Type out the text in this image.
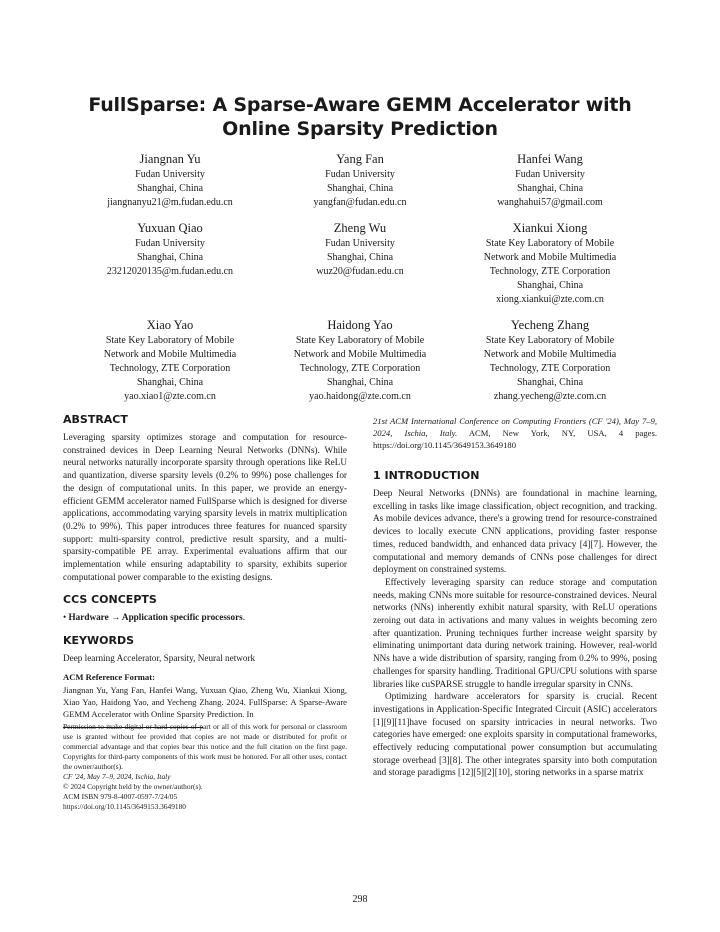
FullSparse: A Sparse-Aware GEMM Accelerator with Online Sparsity Prediction
Jiangnan Yu
Fudan University
Shanghai, China
jiangnanyu21@m.fudan.edu.cn
Yang Fan
Fudan University
Shanghai, China
yangfan@fudan.edu.cn
Hanfei Wang
Fudan University
Shanghai, China
wanghahui57@gmail.com
Yuxuan Qiao
Fudan University
Shanghai, China
23212020135@m.fudan.edu.cn
Zheng Wu
Fudan University
Shanghai, China
wuz20@fudan.edu.cn
Xiankui Xiong
State Key Laboratory of Mobile
Network and Mobile Multimedia
Technology, ZTE Corporation
Shanghai, China
xiong.xiankui@zte.com.cn
Xiao Yao
State Key Laboratory of Mobile
Network and Mobile Multimedia
Technology, ZTE Corporation
Shanghai, China
yao.xiao1@zte.com.cn
Haidong Yao
State Key Laboratory of Mobile
Network and Mobile Multimedia
Technology, ZTE Corporation
Shanghai, China
yao.haidong@zte.com.cn
Yecheng Zhang
State Key Laboratory of Mobile
Network and Mobile Multimedia
Technology, ZTE Corporation
Shanghai, China
zhang.yecheng@zte.com.cn
ABSTRACT

Leveraging sparsity optimizes storage and computation for resource-constrained devices in Deep Learning Neural Networks (DNNs). While neural networks naturally incorporate sparsity through operations like ReLU and quantization, diverse sparsity levels (0.2% to 99%) pose challenges for the design of computational units. In this paper, we provide an energy-efficient GEMM accelerator named FullSparse which is designed for diverse applications, accommodating varying sparsity levels in matrix multiplication (0.2% to 99%). This paper introduces three features for nuanced sparsity support: multi-sparsity control, predictive result sparsity, and a multi-sparsity-compatible PE array. Experimental evaluations affirm that our implementation while ensuring adaptability to sparsity, exhibits superior computational power comparable to the existing designs.

CCS CONCEPTS

• Hardware → Application specific processors.

KEYWORDS

Deep learning Accelerator, Sparsity, Neural network

ACM Reference Format:

Jiangnan Yu, Yang Fan, Hanfei Wang, Yuxuan Qiao, Zheng Wu, Xiankui Xiong, Xiao Yao, Haidong Yao, and Yecheng Zhang. 2024. FullSparse: A Sparse-Aware GEMM Accelerator with Online Sparsity Prediction. In

Permission to make digital or hard copies of part or all of this work for personal or classroom use is granted without fee provided that copies are not made or distributed for profit or commercial advantage and that copies bear this notice and the full citation on the first page. Copyrights for third-party components of this work must be honored. For all other uses, contact the owner/author(s).

CF '24, May 7–9, 2024, Ischia, Italy
© 2024 Copyright held by the owner/author(s).
ACM ISBN 979-8-4007-0597-7/24/05
https://doi.org/10.1145/3649153.3649180

21st ACM International Conference on Computing Frontiers (CF '24), May 7–9, 2024, Ischia, Italy. ACM, New York, NY, USA, 4 pages. https://doi.org/10.1145/3649153.3649180

1 INTRODUCTION

Deep Neural Networks (DNNs) are foundational in machine learning, excelling in tasks like image classification, object recognition, and tracking. As mobile devices advance, there's a growing trend for resource-constrained devices to locally execute CNN applications, providing faster response times, reduced bandwidth, and enhanced data privacy [4][7]. However, the computational and memory demands of CNNs pose challenges for direct deployment on constrained systems.

Effectively leveraging sparsity can reduce storage and computation needs, making CNNs more suitable for resource-constrained devices. Neural networks (NNs) inherently exhibit natural sparsity, with ReLU operations zeroing out data in activations and many values in weights becoming zero after quantization. Pruning techniques further increase weight sparsity by eliminating unimportant data during network training. However, real-world NNs have a wide distribution of sparsity, ranging from 0.2% to 99%, posing challenges for sparsity handling. Traditional GPU/CPU solutions with sparse libraries like cuSPARSE struggle to handle irregular sparsity in CNNs.

Optimizing hardware accelerators for sparsity is crucial. Recent investigations in Application-Specific Integrated Circuit (ASIC) accelerators [1][9][11]have focused on sparsity intricacies in neural networks. Two categories have emerged: one exploits sparsity in computational frameworks, effectively reducing computational power consumption but accumulating storage overhead [3][8]. The other integrates sparsity into both computation and storage paradigms [12][5][2][10], storing networks in a sparse matrix

298
